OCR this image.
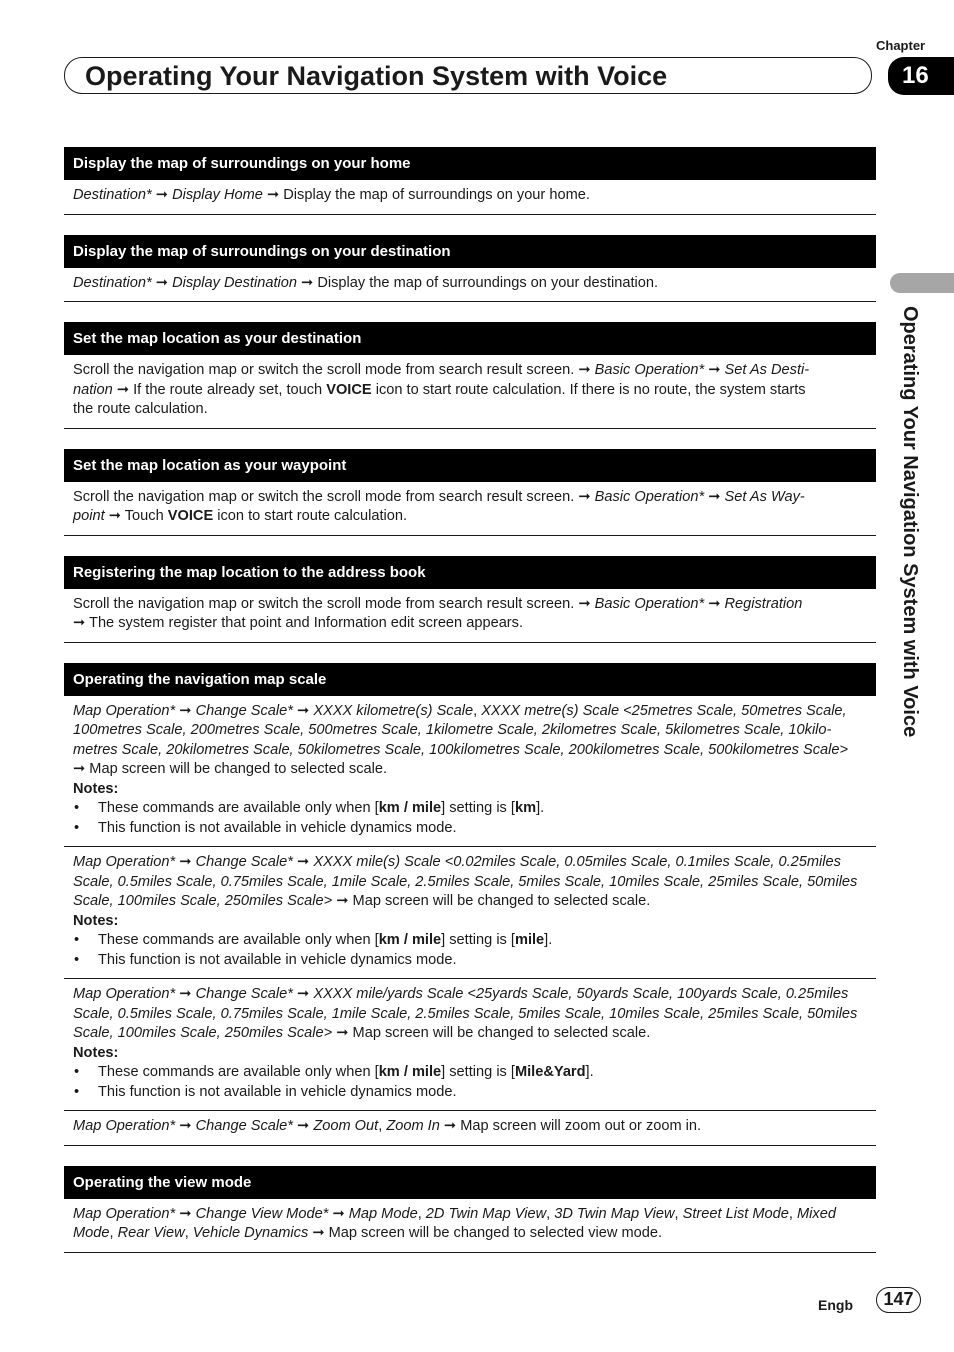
Chapter
Operating Your Navigation System with Voice	16
Operating Your Navigation System with Voice
Display the map of surroundings on your home
Destination* ➞ Display Home ➞ Display the map of surroundings on your home.
Display the map of surroundings on your destination
Destination* ➞ Display Destination ➞ Display the map of surroundings on your destination.
Set the map location as your destination
Scroll the navigation map or switch the scroll mode from search result screen. ➞ Basic Operation* ➞ Set As Desti-
nation ➞ If the route already set, touch VOICE icon to start route calculation. If there is no route, the system starts
the route calculation.
Set the map location as your waypoint
Scroll the navigation map or switch the scroll mode from search result screen. ➞ Basic Operation* ➞ Set As Way-
point ➞ Touch VOICE icon to start route calculation.
Registering the map location to the address book
Scroll the navigation map or switch the scroll mode from search result screen. ➞ Basic Operation* ➞ Registration
➞ The system register that point and Information edit screen appears.
Operating the navigation map scale
Map Operation* ➞ Change Scale* ➞ XXXX kilometre(s) Scale, XXXX metre(s) Scale <25metres Scale, 50metres Scale,
100metres Scale, 200metres Scale, 500metres Scale, 1kilometre Scale, 2kilometres Scale, 5kilometres Scale, 10kilo-
metres Scale, 20kilometres Scale, 50kilometres Scale, 100kilometres Scale, 200kilometres Scale, 500kilometres Scale>
➞ Map screen will be changed to selected scale.
Notes:
• These commands are available only when [km / mile] setting is [km].
• This function is not available in vehicle dynamics mode.
Map Operation* ➞ Change Scale* ➞ XXXX mile(s) Scale <0.02miles Scale, 0.05miles Scale, 0.1miles Scale, 0.25miles
Scale, 0.5miles Scale, 0.75miles Scale, 1mile Scale, 2.5miles Scale, 5miles Scale, 10miles Scale, 25miles Scale, 50miles
Scale, 100miles Scale, 250miles Scale> ➞ Map screen will be changed to selected scale.
Notes:
• These commands are available only when [km / mile] setting is [mile].
• This function is not available in vehicle dynamics mode.
Map Operation* ➞ Change Scale* ➞ XXXX mile/yards Scale <25yards Scale, 50yards Scale, 100yards Scale, 0.25miles
Scale, 0.5miles Scale, 0.75miles Scale, 1mile Scale, 2.5miles Scale, 5miles Scale, 10miles Scale, 25miles Scale, 50miles
Scale, 100miles Scale, 250miles Scale> ➞ Map screen will be changed to selected scale.
Notes:
• These commands are available only when [km / mile] setting is [Mile&Yard].
• This function is not available in vehicle dynamics mode.
Map Operation* ➞ Change Scale* ➞ Zoom Out, Zoom In ➞ Map screen will zoom out or zoom in.
Operating the view mode
Map Operation* ➞ Change View Mode* ➞ Map Mode, 2D Twin Map View, 3D Twin Map View, Street List Mode, Mixed
Mode, Rear View, Vehicle Dynamics ➞ Map screen will be changed to selected view mode.
Engb	147
